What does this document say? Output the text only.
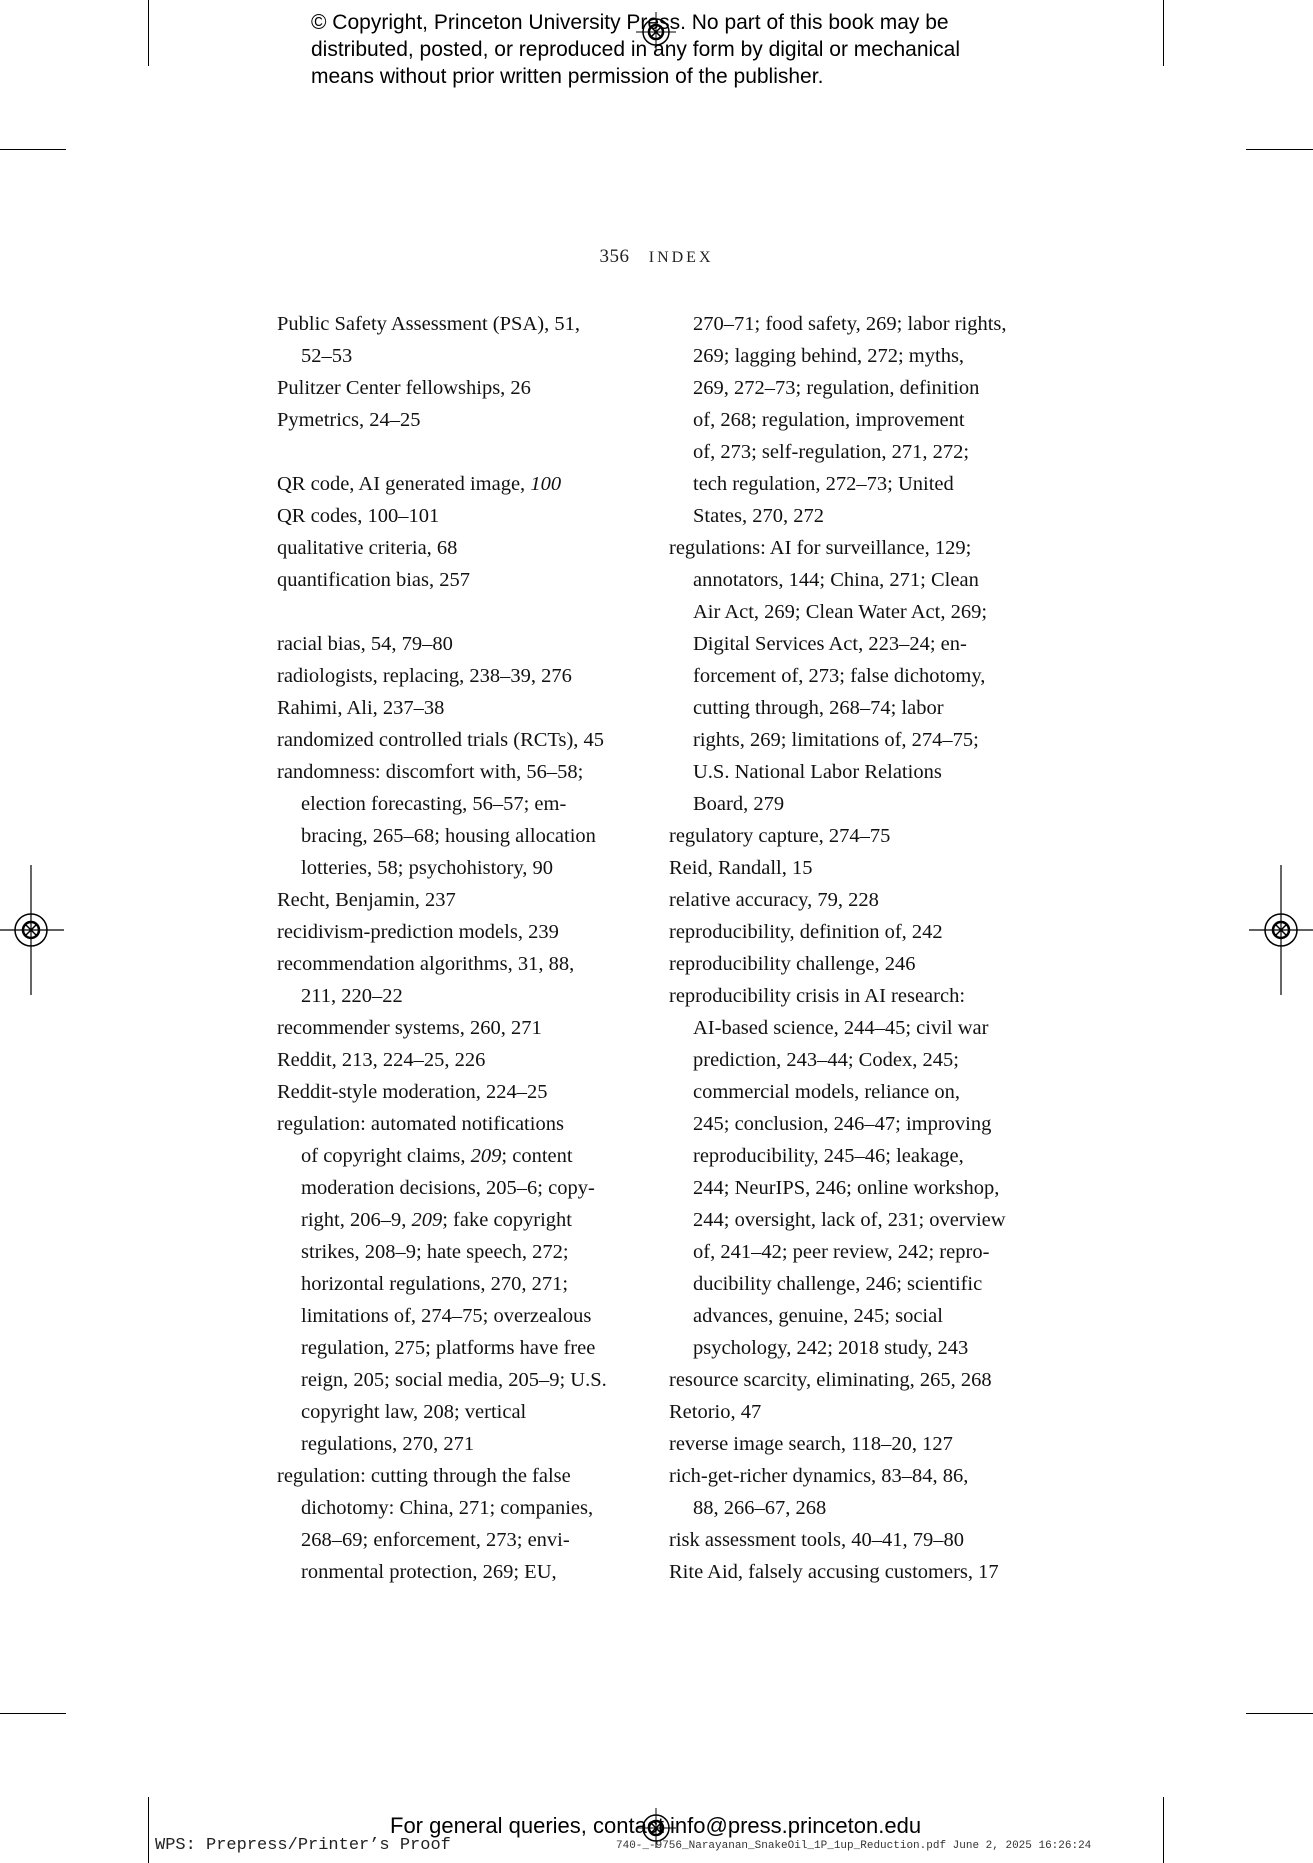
© Copyright, Princeton University Press. No part of this book may be
distributed, posted, or reproduced in any form by digital or mechanical
means without prior written permission of the publisher.
356 INDEX
Public Safety Assessment (PSA), 51,
52–53
Pulitzer Center fellowships, 26
Pymetrics, 24–25
QR code, AI generated image, 100
QR codes, 100–101
qualitative criteria, 68
quantification bias, 257
racial bias, 54, 79–80
radiologists, replacing, 238–39, 276
Rahimi, Ali, 237–38
randomized controlled trials (RCTs), 45
randomness: discomfort with, 56–58;
election forecasting, 56–57; em-
bracing, 265–68; housing allocation
lotteries, 58; psychohistory, 90
Recht, Benjamin, 237
recidivism-prediction models, 239
recommendation algorithms, 31, 88,
211, 220–22
recommender systems, 260, 271
Reddit, 213, 224–25, 226
Reddit-style moderation, 224–25
regulation: automated notifications
of copyright claims, 209; content
moderation decisions, 205–6; copy-
right, 206–9, 209; fake copyright
strikes, 208–9; hate speech, 272;
horizontal regulations, 270, 271;
limitations of, 274–75; overzealous
regulation, 275; platforms have free
reign, 205; social media, 205–9; U.S.
copyright law, 208; vertical
regulations, 270, 271
regulation: cutting through the false
dichotomy: China, 271; companies,
268–69; enforcement, 273; envi-
ronmental protection, 269; EU,
270–71; food safety, 269; labor rights,
269; lagging behind, 272; myths,
269, 272–73; regulation, definition
of, 268; regulation, improvement
of, 273; self-regulation, 271, 272;
tech regulation, 272–73; United
States, 270, 272
regulations: AI for surveillance, 129;
annotators, 144; China, 271; Clean
Air Act, 269; Clean Water Act, 269;
Digital Services Act, 223–24; en-
forcement of, 273; false dichotomy,
cutting through, 268–74; labor
rights, 269; limitations of, 274–75;
U.S. National Labor Relations
Board, 279
regulatory capture, 274–75
Reid, Randall, 15
relative accuracy, 79, 228
reproducibility, definition of, 242
reproducibility challenge, 246
reproducibility crisis in AI research:
AI-based science, 244–45; civil war
prediction, 243–44; Codex, 245;
commercial models, reliance on,
245; conclusion, 246–47; improving
reproducibility, 245–46; leakage,
244; NeurIPS, 246; online workshop,
244; oversight, lack of, 231; overview
of, 241–42; peer review, 242; repro-
ducibility challenge, 246; scientific
advances, genuine, 245; social
psychology, 242; 2018 study, 243
resource scarcity, eliminating, 265, 268
Retorio, 47
reverse image search, 118–20, 127
rich-get-richer dynamics, 83–84, 86,
88, 266–67, 268
risk assessment tools, 40–41, 79–80
Rite Aid, falsely accusing customers, 17
For general queries, contact info@press.princeton.edu
WPS: Prepress/Printer’s Proof	740-_-9756_Narayanan_SnakeOil_1P_1up_Reduction.pdf June 2, 2025 16:26:24
